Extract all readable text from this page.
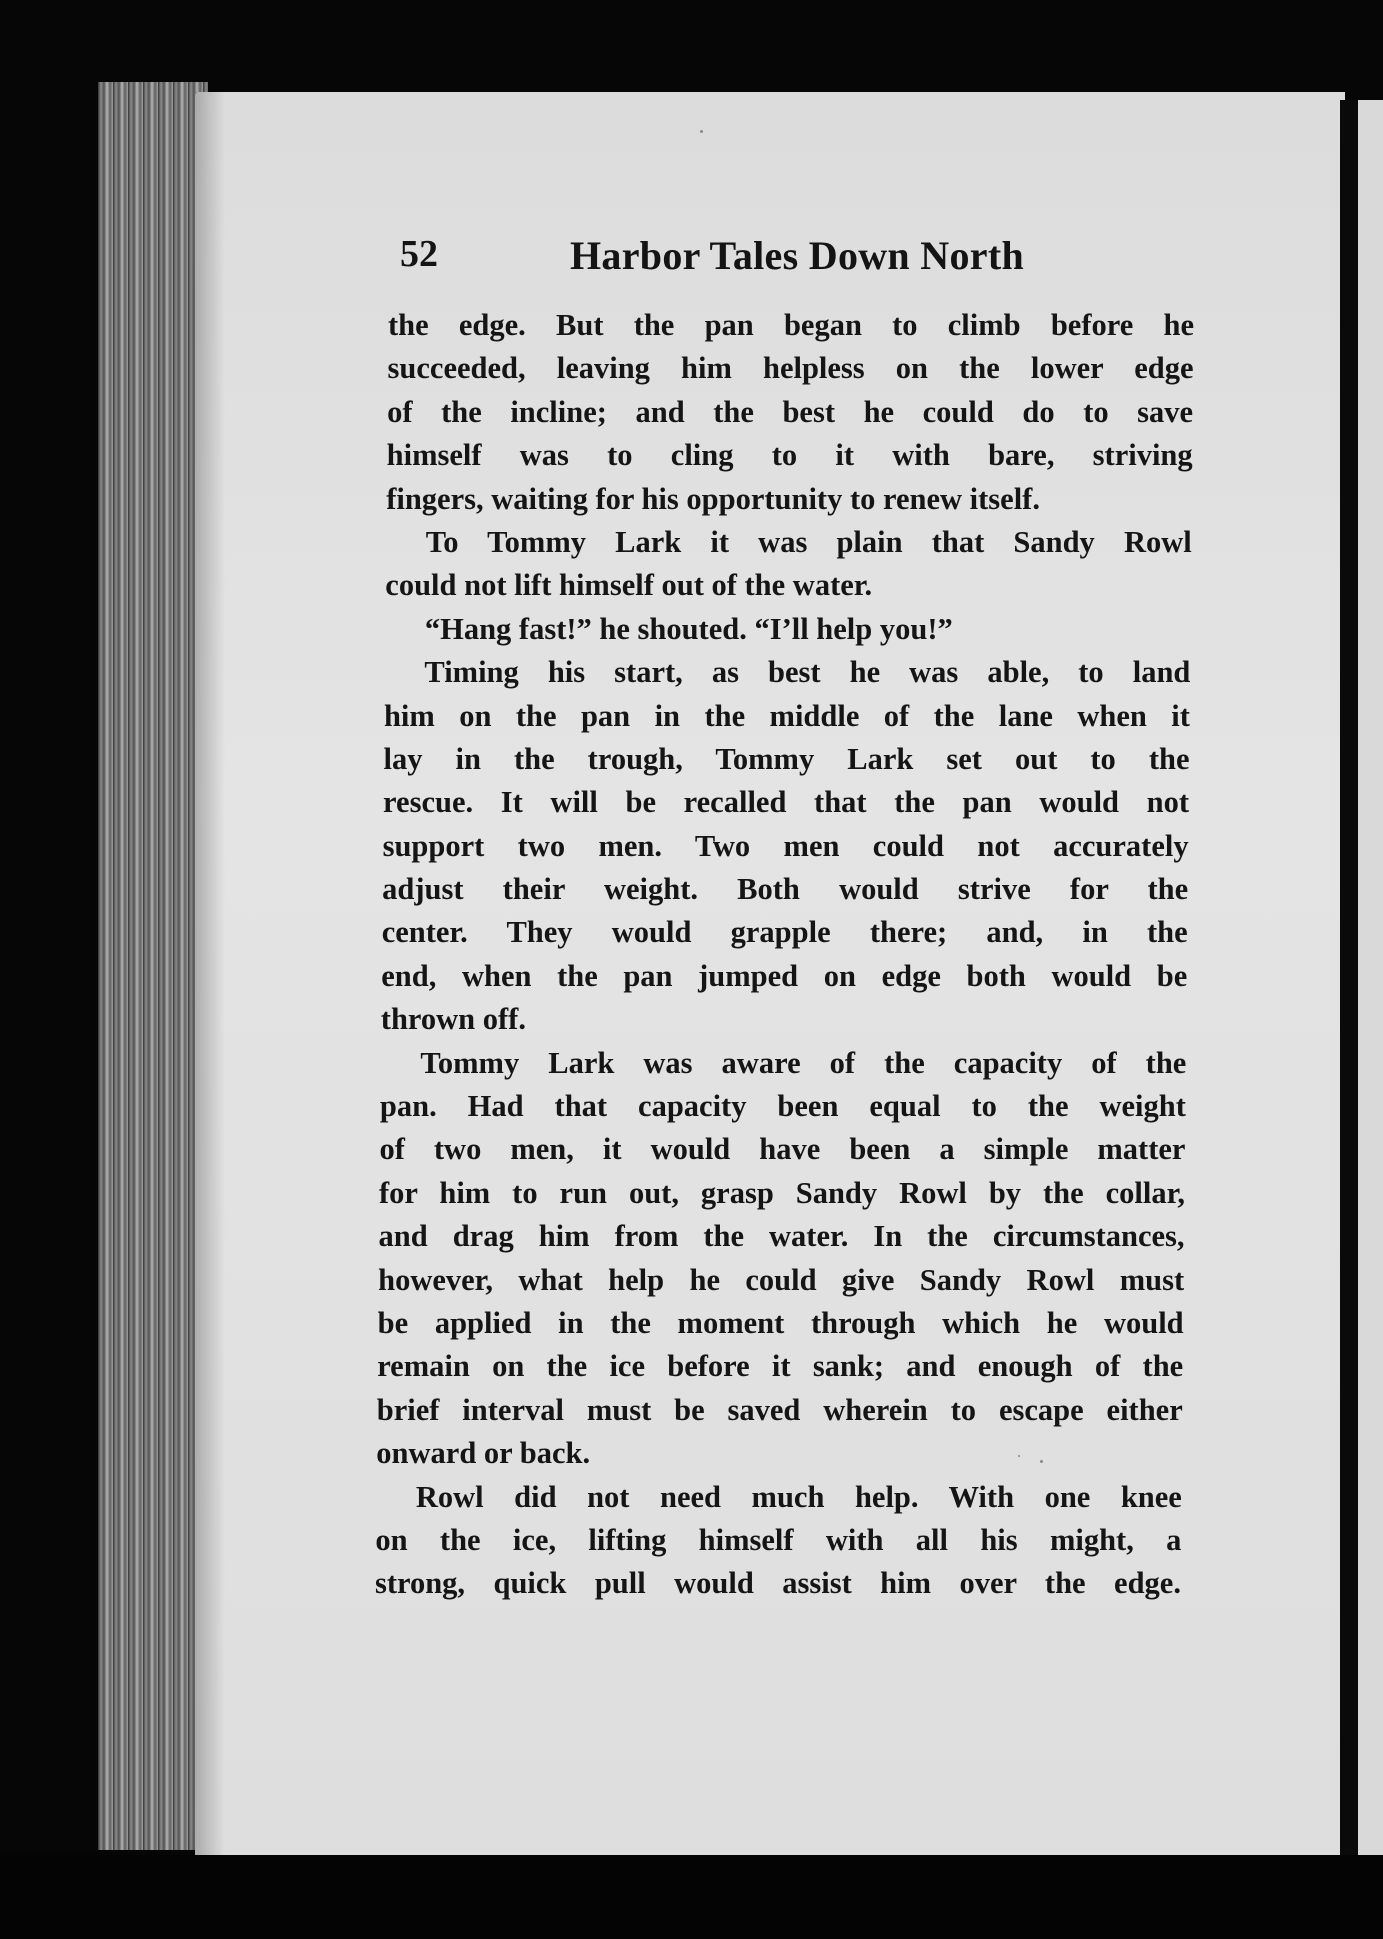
52	Harbor Tales Down North
the edge. But the pan began to climb before he
succeeded, leaving him helpless on the lower edge
of the incline; and the best he could do to save
himself was to cling to it with bare, striving
fingers, waiting for his opportunity to renew itself.
To Tommy Lark it was plain that Sandy Rowl
could not lift himself out of the water.
“Hang fast!” he shouted. “I’ll help you!”
Timing his start, as best he was able, to land
him on the pan in the middle of the lane when it
lay in the trough, Tommy Lark set out to the
rescue. It will be recalled that the pan would not
support two men. Two men could not accurately
adjust their weight. Both would strive for the
center. They would grapple there; and, in the
end, when the pan jumped on edge both would be
thrown off.
Tommy Lark was aware of the capacity of the
pan. Had that capacity been equal to the weight
of two men, it would have been a simple matter
for him to run out, grasp Sandy Rowl by the collar,
and drag him from the water. In the circumstances,
however, what help he could give Sandy Rowl must
be applied in the moment through which he would
remain on the ice before it sank; and enough of the
brief interval must be saved wherein to escape either
onward or back.
Rowl did not need much help. With one knee
on the ice, lifting himself with all his might, a
strong, quick pull would assist him over the edge.
